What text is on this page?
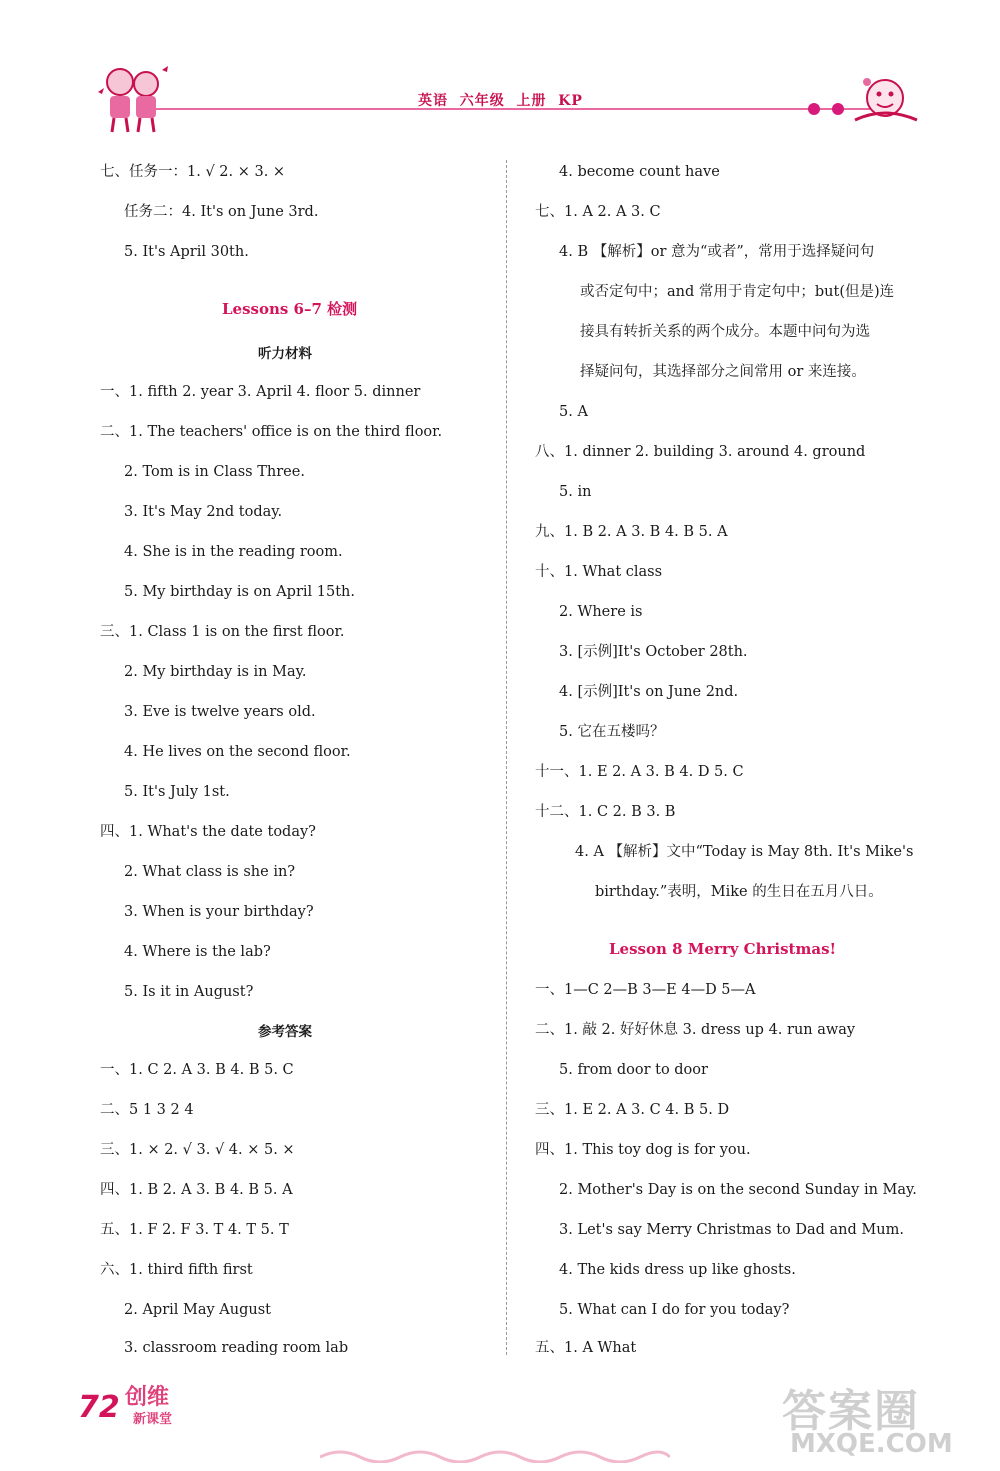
英语  六年级  上册  KP
七、任务一：1. √ 2. × 3. ×
任务二：4. It's on June 3rd.
5. It's April 30th.
一、1. fifth 2. year 3. April 4. floor 5. dinner
二、1. The teachers' office is on the third floor.
2. Tom is in Class Three.
3. It's May 2nd today.
4. She is in the reading room.
5. My birthday is on April 15th.
三、1. Class 1 is on the first floor.
2. My birthday is in May.
3. Eve is twelve years old.
4. He lives on the second floor.
5. It's July 1st.
四、1. What's the date today?
2. What class is she in?
3. When is your birthday?
4. Where is the lab?
5. Is it in August?
一、1. C 2. A 3. B 4. B 5. C
二、5 1 3 2 4
三、1. × 2. √ 3. √ 4. × 5. ×
四、1. B 2. A 3. B 4. B 5. A
五、1. F 2. F 3. T 4. T 5. T
六、1. third fifth first
2. April May August
3. classroom reading room lab
Lessons 6–7 检测
听力材料
参考答案
4. become count have
七、1. A 2. A 3. C
4. B 【解析】or 意为“或者”，常用于选择疑问句
或否定句中；and 常用于肯定句中；but(但是)连
接具有转折关系的两个成分。本题中问句为选
择疑问句，其选择部分之间常用 or 来连接。
5. A
八、1. dinner 2. building 3. around 4. ground
5. in
九、1. B 2. A 3. B 4. B 5. A
十、1. What class
2. Where is
3. [示例]It's October 28th.
4. [示例]It's on June 2nd.
5. 它在五楼吗？
十一、1. E 2. A 3. B 4. D 5. C
十二、1. C 2. B 3. B
4. A 【解析】文中“Today is May 8th. It's Mike's
birthday.”表明，Mike 的生日在五月八日。
一、1—C 2—B 3—E 4—D 5—A
二、1. 敲 2. 好好休息 3. dress up 4. run away
5. from door to door
三、1. E 2. A 3. C 4. B 5. D
四、1. This toy dog is for you.
2. Mother's Day is on the second Sunday in May.
3. Let's say Merry Christmas to Dad and Mum.
4. The kids dress up like ghosts.
5. What can I do for you today?
五、1. A What
Lesson 8 Merry Christmas!
72 创维
新课堂	答案圈
MXQE.COM
